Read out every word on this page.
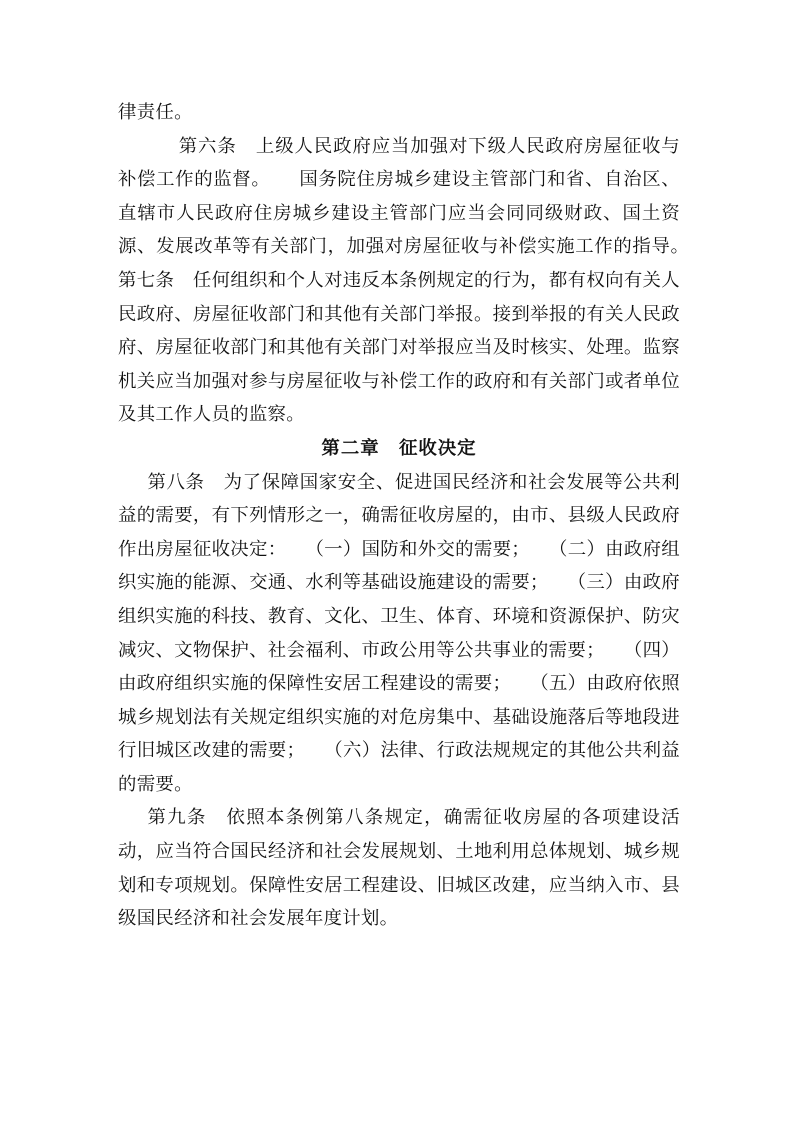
律责任。

第六条　上级人民政府应当加强对下级人民政府房屋征收与补偿工作的监督。　　国务院住房城乡建设主管部门和省、自治区、直辖市人民政府住房城乡建设主管部门应当会同同级财政、国土资源、发展改革等有关部门，加强对房屋征收与补偿实施工作的指导。　　第七条　任何组织和个人对违反本条例规定的行为，都有权向有关人民政府、房屋征收部门和其他有关部门举报。接到举报的有关人民政府、房屋征收部门和其他有关部门对举报应当及时核实、处理。监察机关应当加强对参与房屋征收与补偿工作的政府和有关部门或者单位及其工作人员的监察。

第二章　征收决定

第八条　为了保障国家安全、促进国民经济和社会发展等公共利益的需要，有下列情形之一，确需征收房屋的，由市、县级人民政府作出房屋征收决定：　　（一）国防和外交的需要；　　（二）由政府组织实施的能源、交通、水利等基础设施建设的需要；　　（三）由政府组织实施的科技、教育、文化、卫生、体育、环境和资源保护、防灾减灾、文物保护、社会福利、市政公用等公共事业的需要；　　（四）由政府组织实施的保障性安居工程建设的需要；　　（五）由政府依照城乡规划法有关规定组织实施的对危房集中、基础设施落后等地段进行旧城区改建的需要；　　（六）法律、行政法规规定的其他公共利益的需要。

第九条　依照本条例第八条规定，确需征收房屋的各项建设活动，应当符合国民经济和社会发展规划、土地利用总体规划、城乡规划和专项规划。保障性安居工程建设、旧城区改建，应当纳入市、县级国民经济和社会发展年度计划。
